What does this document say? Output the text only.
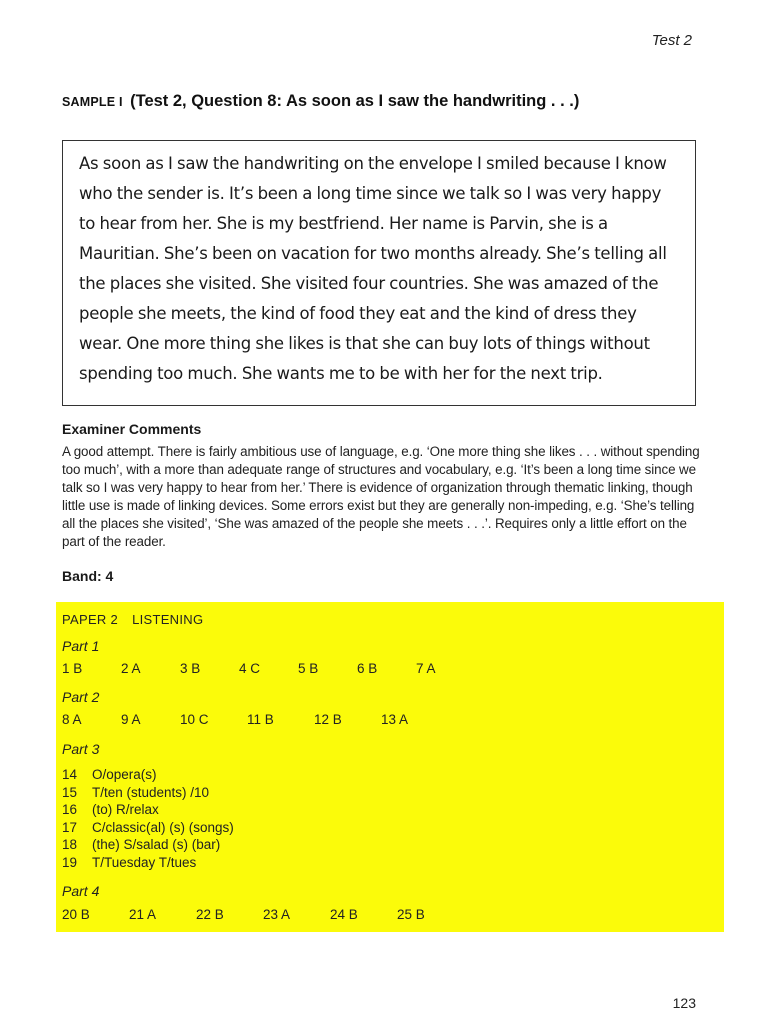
Test 2
SAMPLE I (Test 2, Question 8: As soon as I saw the handwriting . . .)

As soon as I saw the handwriting on the envelope I smiled because I know who the sender is. It’s been a long time since we talk so I was very happy to hear from her. She is my bestfriend. Her name is Parvin, she is a Mauritian. She’s been on vacation for two months already. She’s telling all the places she visited. She visited four countries. She was amazed of the people she meets, the kind of food they eat and the kind of dress they wear. One more thing she likes is that she can buy lots of things without spending too much. She wants me to be with her for the next trip.

Examiner Comments

A good attempt. There is fairly ambitious use of language, e.g. ‘One more thing she likes . . . without spending too much’, with a more than adequate range of structures and vocabulary, e.g. ‘It’s been a long time since we talk so I was very happy to hear from her.’ There is evidence of organization through thematic linking, though little use is made of linking devices. Some errors exist but they are generally non-impeding, e.g. ‘She’s telling all the places she visited’, ‘She was amazed of the people she meets . . .’. Requires only a little effort on the part of the reader.

Band: 4
PAPER 2 LISTENING
Part 1
1 B	2 A	3 B	4 C	5 B	6 B	7 A
Part 2
8 A	9 A	10 C	11 B	12 B	13 A
Part 3
14 O/opera(s)
15 T/ten (students) /10
16 (to) R/relax
17 C/classic(al) (s) (songs)
18 (the) S/salad (s) (bar)
19 T/Tuesday T/tues
Part 4
20 B	21 A	22 B	23 A	24 B	25 B
123
